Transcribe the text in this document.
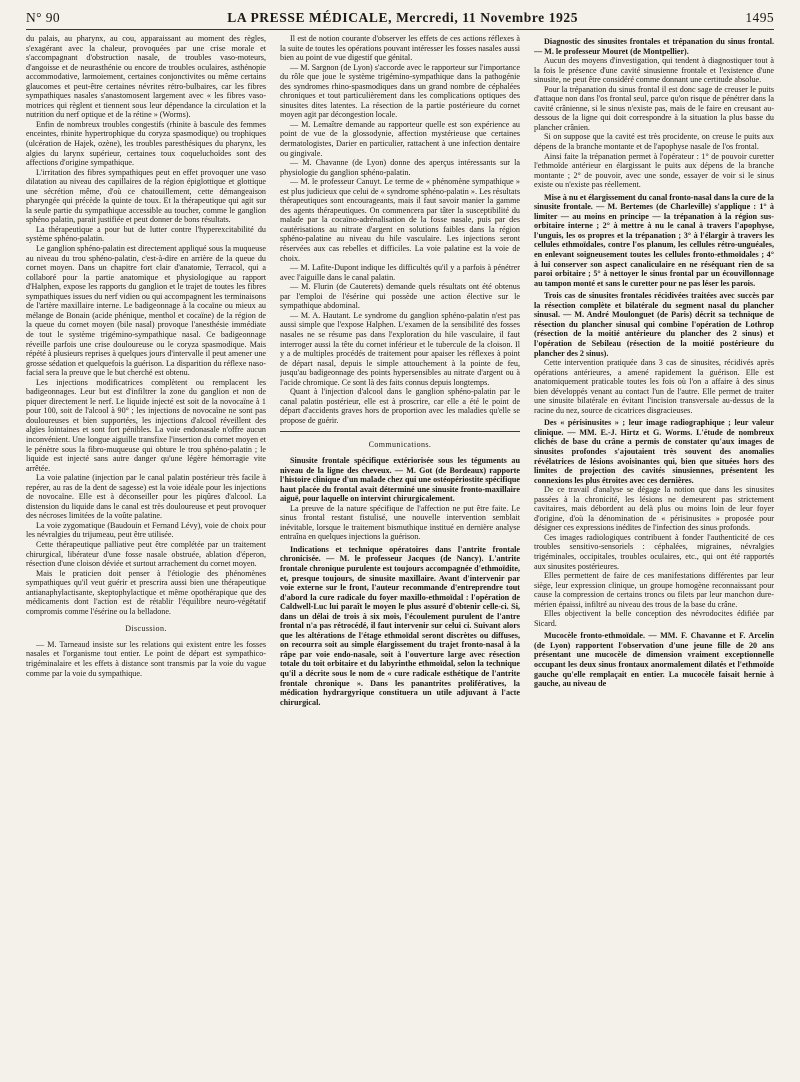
N° 90	LA PRESSE MÉDICALE, Mercredi, 11 Novembre 1925	1495

du palais, au pharynx, au cou, apparaissant au moment des règles, s'exagérant avec la chaleur, provoquées par une crise morale et s'accompagnant d'obstruction nasale, de troubles vaso-moteurs, d'angoisse et de neurasthénie ou encore de troubles oculaires, asthénopie accommodative, larmoiement, certaines conjonctivites ou même certains glaucomes et peut-être certaines névrites rétro-bulbaires, car les fibres sympathiques nasales s'anastomosent largement avec « les fibres vaso-motrices qui règlent et tiennent sous leur dépendance la circulation et la nutrition du nerf optique et de la rétine » (Worms).

Enfin de nombreux troubles congestifs (rhinite à bascule des femmes enceintes, rhinite hypertrophique du coryza spasmodique) ou trophiques (ulcération de Hajek, ozène), les troubles paresthésiques du pharynx, les algies du larynx supérieur, certaines toux coqueluchoïdes sont des affections d'origine sympathique.

L'irritation des fibres sympathiques peut en effet provoquer une vaso dilatation au niveau des capillaires de la région épiglottique et glottique une sécrétion même, d'où ce chatouillement, cette démangeaison pharyngée qui précède la quinte de toux. Et la thérapeutique qui agit sur la seule partie du sympathique accessible au toucher, comme le ganglion sphéno palatin, parait justifiée et peut donner de bons résultats.

La thérapeutique a pour but de lutter contre l'hyperexcitabilité du système sphéno-palatin.

Le ganglion sphéno-palatin est directement appliqué sous la muqueuse au niveau du trou sphéno-palatin, c'est-à-dire en arrière de la queue du cornet moyen. Dans un chapitre fort clair d'anatomie, Terracol, qui a collaboré pour la partie anatomique et physiologique au rapport d'Halphen, expose les rapports du ganglion et le trajet de toutes les fibres sympathiques issues du nerf vidien ou qui accompagnent les terminaisons de l'artère maxillaire interne. Le badigeonnage à la cocaïne ou mieux au mélange de Bonain (acide phénique, menthol et cocaïne) de la région de la queue du cornet moyen (bile nasal) provoque l'anesthésie immédiate de tout le système trigémino-sympathique nasal. Ce badigeonnage réveille parfois une crise douloureuse ou le coryza spasmodique. Mais répété à plusieurs reprises à quelques jours d'intervalle il peut amener une grosse sédation et quelquefois la guérison. La disparition du réflexe naso-facial sera la preuve que le but cherché est obtenu.

Les injections modificatrices complètent ou remplacent les badigeonnages. Leur but est d'infiltrer la zone du ganglion et non de piquer directement le nerf. Le liquide injecté est soit de la novocaïne à 1 pour 100, soit de l'alcool à 90° ; les injections de novocaïne ne sont pas douloureuses et bien supportées, les injections d'alcool réveillent des algies lointaines et sont fort pénibles. La voie endonasale n'offre aucun inconvénient. Une longue aiguille transfixe l'insertion du cornet moyen et le pénètre sous la fibro-muqueuse qui obture le trou sphéno-palatin ; le liquide est injecté sans autre danger qu'une légère hémorragie vite arrêtée.

La voie palatine (injection par le canal palatin postérieur très facile à repérer, au ras de la dent de sagesse) est la voie idéale pour les injections de novocaïne. Elle est à déconseiller pour les piqûres d'alcool. La distension du liquide dans le canal est très douloureuse et peut provoquer des nécroses limitées de la voûte palatine.

La voie zygomatique (Baudouin et Fernand Lévy), voie de choix pour les névralgies du trijumeau, peut être utilisée.

Cette thérapeutique palliative peut être complétée par un traitement chirurgical, libérateur d'une fosse nasale obstruée, ablation d'éperon, résection d'une cloison déviée et surtout arrachement du cornet moyen.

Mais le praticien doit penser à l'étiologie des phénomènes sympathiques qu'il veut guérir et prescrira aussi bien une thérapeutique antianaphylactisante, skeptophylactique et même opothérapique que des médicaments dont l'action est de rétablir l'équilibre neuro-végétatif compromis comme l'ésérine ou la belladone.

Discussion.

— M. Tarneaud insiste sur les relations qui existent entre les fosses nasales et l'organisme tout entier. Le point de départ est sympathico-trigéminalaire et les effets à distance sont transmis par la voie du vague comme par la voie du sympathique.

Il est de notion courante d'observer les effets de ces actions réflexes à la suite de toutes les opérations pouvant intéresser les fosses nasales aussi bien au point de vue digestif que génital.

— M. Sargnon (de Lyon) s'accorde avec le rapporteur sur l'importance du rôle que joue le système trigémino-sympathique dans la pathogénie des syndromes rhino-spasmodiques dans un grand nombre de céphalées chroniques et tout particulièrement dans les complications optiques des sinusites dites latentes. La résection de la partie postérieure du cornet moyen agit par décongestion locale.

— M. Lemaître demande au rapporteur quelle est son expérience au point de vue de la glossodynie, affection mystérieuse que certaines dermatologistes, Darier en particulier, rattachent à une infection dentaire ou gingivale.

— M. Chavanne (de Lyon) donne des aperçus intéressants sur la physiologie du ganglion sphéno-palatin.

— M. le professeur Canuyt. Le terme de « phénomène sympathique » est plus judicieux que celui de « syndrome sphéno-palatin ». Les résultats thérapeutiques sont encourageants, mais il faut savoir manier la gamme des agents thérapeutiques. On commencera par tâter la susceptibilité du malade par la cocaïno-adrénalisation de la fosse nasale, puis par des cautérisations au nitrate d'argent en solutions faibles dans la région sphéno-palatine au niveau du hile vasculaire. Les injections seront réservées aux cas rebelles et difficiles. La voie palatine est la voie de choix.

— M. Lafite-Dupont indique les difficultés qu'il y a parfois à pénétrer avec l'aiguille dans le canal palatin.

— M. Flurin (de Cauterets) demande quels résultats ont été obtenus par l'emploi de l'ésérine qui possède une action élective sur le sympathique abdominal.

— M. A. Hautant. Le syndrome du ganglion sphéno-palatin n'est pas aussi simple que l'expose Halphen. L'examen de la sensibilité des fosses nasales ne se résume pas dans l'exploration du hile vasculaire, il faut interroger aussi la tête du cornet inférieur et le tubercule de la cloison. Il y a de multiples procédés de traitement pour apaiser les réflexes à point de départ nasal, depuis le simple attouchement à la pointe de feu, jusqu'au badigeonnage des points hypersensibles au nitrate d'argent ou à l'acide chromique. Ce sont là des faits connus depuis longtemps.

Quant à l'injection d'alcool dans le ganglion sphéno-palatin par le canal palatin postérieur, elle est à proscrire, car elle a été le point de départ d'accidents graves hors de proportion avec les maladies qu'elle se propose de guérir.

Communications.

Sinusite frontale spécifique extériorisée sous les téguments au niveau de la ligne des cheveux. — M. Got (de Bordeaux) rapporte l'histoire clinique d'un malade chez qui une ostéopériostite spécifique haut placée du frontal avait déterminé une sinusite fronto-maxillaire aiguë, pour laquelle on intervint chirurgicalement.

La preuve de la nature spécifique de l'affection ne put être faite. Le sinus frontal restant fistulisé, une nouvelle intervention semblait inévitable, lorsque le traitement bismuthique institué en dernière analyse entraîna en quelques injections la guérison.

Indications et technique opératoires dans l'antrite frontale chronicisée. — M. le professeur Jacques (de Nancy). L'antrite frontale chronique purulente est toujours accompagnée d'ethmoïdite, et, presque toujours, de sinusite maxillaire. Avant d'intervenir par voie externe sur le front, l'auteur recommande d'entreprendre tout d'abord la cure radicale du foyer maxillo-ethmoïdal : l'opération de Caldwell-Luc lui paraît le moyen le plus assuré d'obtenir celle-ci. Si, dans un délai de trois à six mois, l'écoulement purulent de l'antre frontal n'a pas rétrocédé, il faut intervenir sur celui ci. Suivant alors que les altérations de l'étage ethmoïdal seront discrètes ou diffuses, on recourra soit au simple élargissement du trajet fronto-nasal à la râpe par voie endo-nasale, soit à l'ouverture large avec résection totale du toit orbitaire et du labyrinthe ethmoïdal, selon la technique qu'il a décrite sous le nom de « cure radicale esthétique de l'antrite frontale chronique ». Dans les panantrites prolifératives, la médication hydrargyrique constituera un utile adjuvant à l'acte chirurgical.

Diagnostic des sinusites frontales et trépanation du sinus frontal. — M. le professeur Mouret (de Montpellier).

Aucun des moyens d'investigation, qui tendent à diagnostiquer tout à la fois le présence d'une cavité sinusienne frontale et l'existence d'une sinusite, ne peut être considéré comme donnant une certitude absolue.

Pour la trépanation du sinus frontal il est donc sage de creuser le puits d'attaque non dans l'os frontal seul, parce qu'on risque de pénétrer dans la cavité crânienne, si le sinus n'existe pas, mais de le faire en creusant au-dessous de la ligne qui doit correspondre à la situation la plus basse du plancher crânien.

Si on suppose que la cavité est très procidente, on creuse le puits aux dépens de la branche montante et de l'apophyse nasale de l'os frontal.

Ainsi faite la trépanation permet à l'opérateur : 1° de pouvoir curetter l'ethmoïde antérieur en élargissant le puits aux dépens de la branche montante ; 2° de pouvoir, avec une sonde, essayer de voir si le sinus existe ou n'existe pas réellement.

Mise à nu et élargissement du canal fronto-nasal dans la cure de la sinusite frontale. — M. Bertemes (de Charleville) s'applique : 1° à limiter — au moins en principe — la trépanation à la région sus-orbitaire interne ; 2° à mettre à nu le canal à travers l'apophyse, l'unguis, les os propres et la trépanation ; 3° à l'élargir à travers les cellules ethmoïdales, contre l'os planum, les cellules rétro-unguéales, en enlevant soigneusement toutes les cellules fronto-ethmoïdales ; 4° à lui conserver son aspect canaliculaire en ne réséquant rien de sa paroi orbitaire ; 5° à nettoyer le sinus frontal par un écouvillonnage au tampon monté et sans le curetter pour ne pas léser les parois.

Trois cas de sinusites frontales récidivées traitées avec succès par la résection complète et bilatérale du segment nasal du plancher sinusal. — M. André Moulonguet (de Paris) décrit sa technique de résection du plancher sinusal qui combine l'opération de Lothrop (résection de la moitié antérieure du plancher des 2 sinus) et l'opération de Sebileau (résection de la moitié postérieure du plancher des 2 sinus).

Cette intervention pratiquée dans 3 cas de sinusites, récidivés après opérations antérieures, a amené rapidement la guérison. Elle est anatomiquement praticable toutes les fois où l'on a affaire à des sinus bien développés venant au contact l'un de l'autre. Elle permet de traiter une sinusite bilatérale en évitant l'incision transversale au-dessus de la racine du nez, source de cicatrices disgracieuses.

Des « périsinusites » ; leur image radiographique ; leur valeur clinique. — MM. E.-J. Hirtz et G. Worms. L'étude de nombreux clichés de base du crâne a permis de constater qu'aux images de sinusites profondes s'ajoutaient très souvent des anomalies révélatrices de lésions avoisinantes qui, bien que situées hors des limites de projection des cavités sinusiennes, présentent les connexions les plus étroites avec ces dernières.

De ce travail d'analyse se dégage la notion que dans les sinusites passées à la chronicité, les lésions ne demeurent pas strictement cavitaires, mais débordent au delà plus ou moins loin de leur foyer d'origine, d'où la dénomination de « périsinusites » proposée pour désigner ces expressions inédites de l'infection des sinus profonds.

Ces images radiologiques contribuent à fonder l'authenticité de ces troubles sensitivo-sensoriels : céphalées, migraines, névralgies trigéminales, occipitales, troubles oculaires, etc., qui ont été rapportés aux sinusites postérieures.

Elles permettent de faire de ces manifestations différentes par leur siège, leur expression clinique, un groupe homogène reconnaissant pour cause la compression de certains troncs ou filets par leur manchon dure-mérien épaissi, infiltré au niveau des trous de la base du crâne.

Elles objectivent la belle conception des névrodocites édifiée par Sicard.

Mucocèle fronto-ethmoïdale. — MM. F. Chavanne et F. Arcelin (de Lyon) rapportent l'observation d'une jeune fille de 20 ans présentant une mucocèle de dimension vraiment exceptionnelle occupant les deux sinus frontaux anormalement dilatés et l'ethmoïde gauche qu'elle remplaçait en entier. La mucocèle faisait hernie à gauche, au niveau de
